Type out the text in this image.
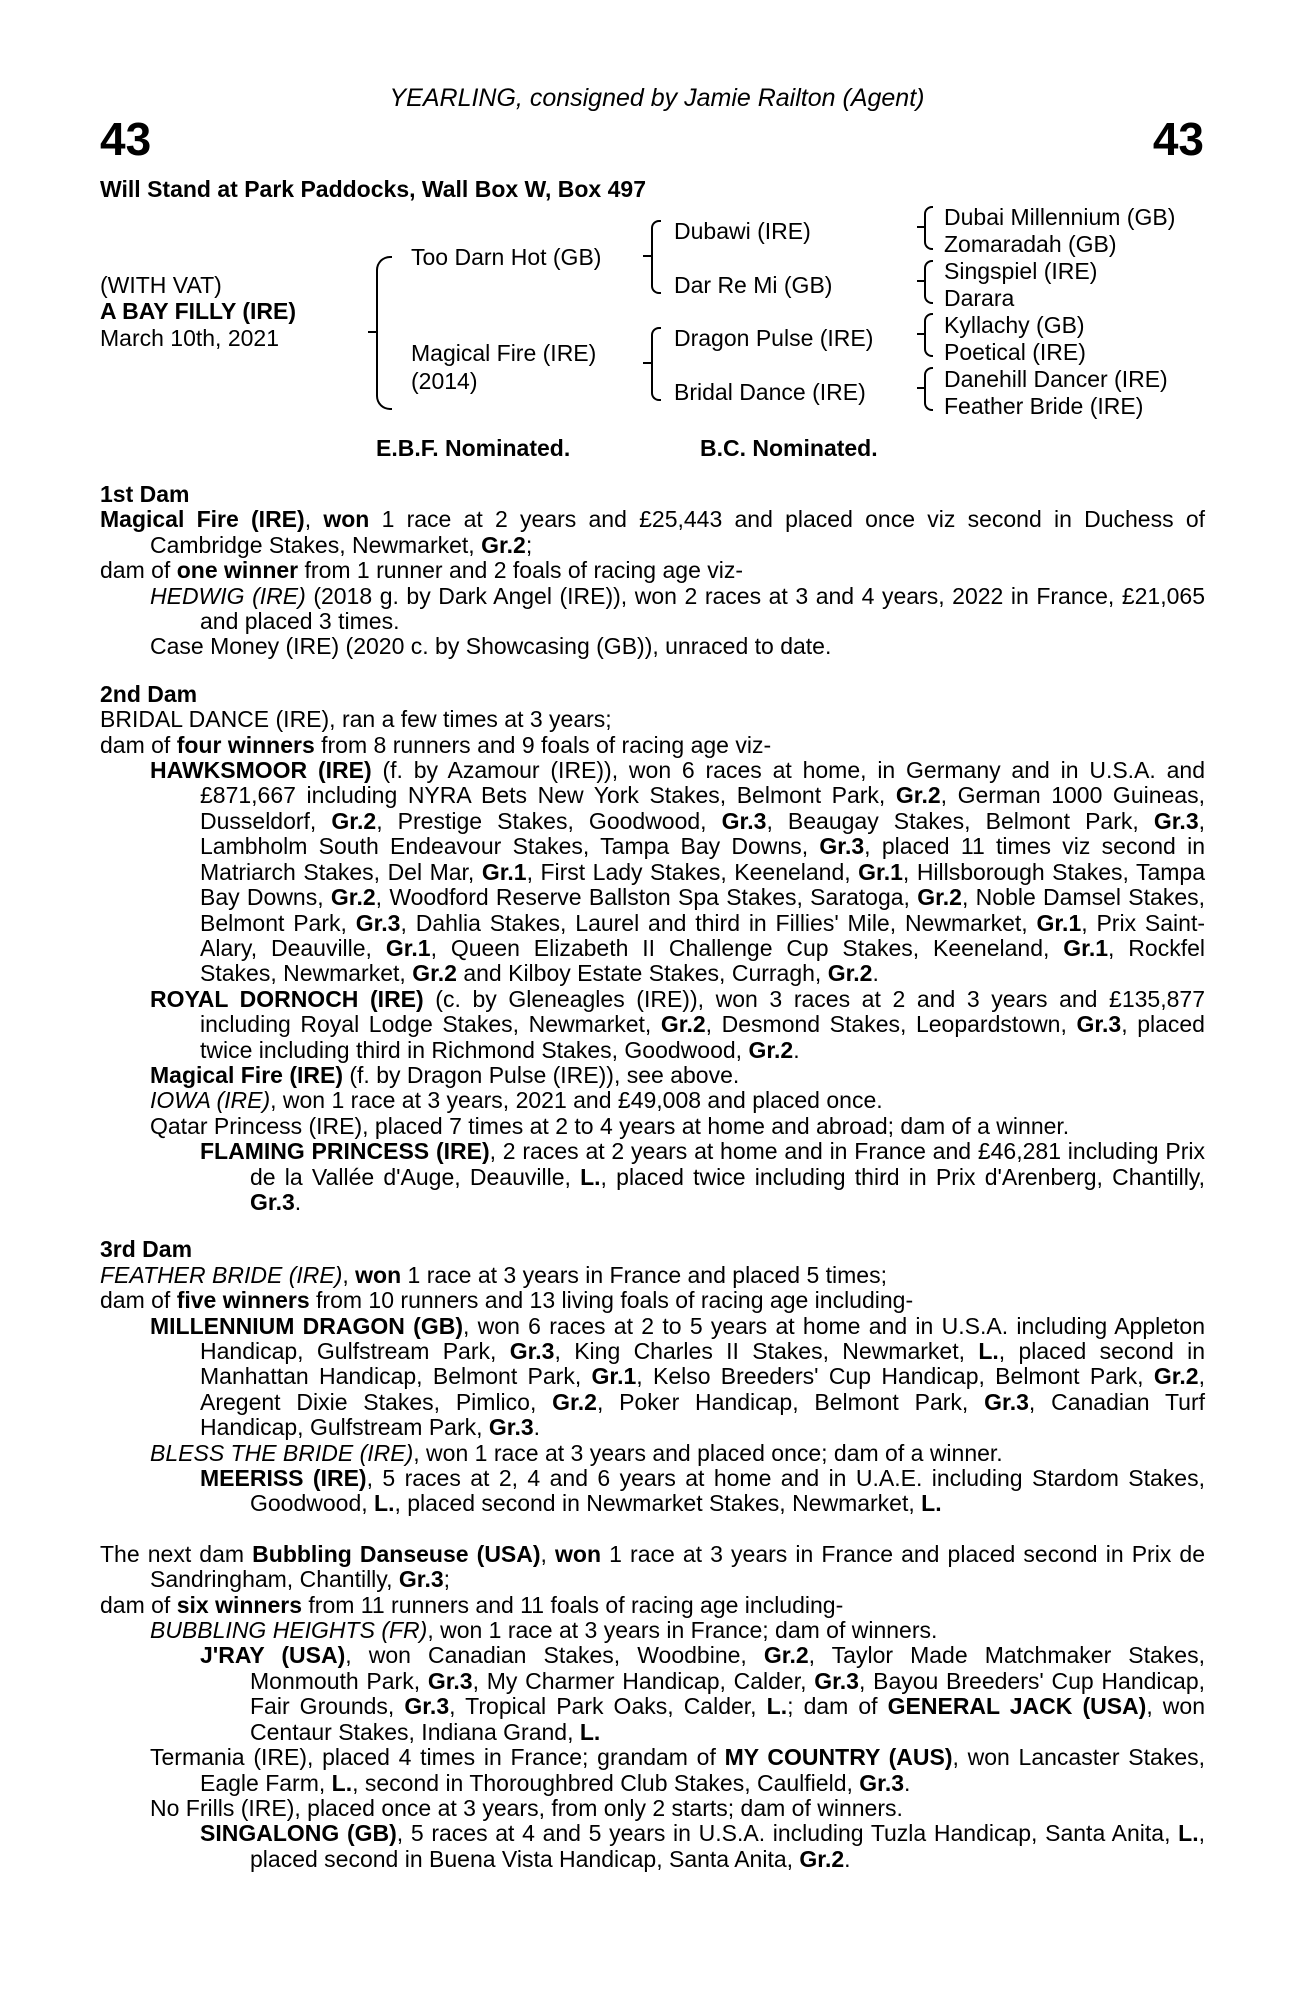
YEARLING, consigned by Jamie Railton (Agent)
43	43
Will Stand at Park Paddocks, Wall Box W, Box 497
(WITH VAT)
A BAY FILLY (IRE)
March 10th, 2021
Too Darn Hot (GB)
Magical Fire (IRE)
(2014)
Dubawi (IRE)
Dar Re Mi (GB)
Dragon Pulse (IRE)
Bridal Dance (IRE)
Dubai Millennium (GB)
Zomaradah (GB)
Singspiel (IRE)
Darara
Kyllachy (GB)
Poetical (IRE)
Danehill Dancer (IRE)
Feather Bride (IRE)
E.B.F. Nominated.	B.C. Nominated.
1st Dam

Magical Fire (IRE), won 1 race at 2 years and £25,443 and placed once viz second in Duchess of Cambridge Stakes, Newmarket, Gr.2;

dam of one winner from 1 runner and 2 foals of racing age viz-

HEDWIG (IRE) (2018 g. by Dark Angel (IRE)), won 2 races at 3 and 4 years, 2022 in France, £21,065 and placed 3 times.

Case Money (IRE) (2020 c. by Showcasing (GB)), unraced to date.

2nd Dam

BRIDAL DANCE (IRE), ran a few times at 3 years;

dam of four winners from 8 runners and 9 foals of racing age viz-

HAWKSMOOR (IRE) (f. by Azamour (IRE)), won 6 races at home, in Germany and in U.S.A. and £871,667 including NYRA Bets New York Stakes, Belmont Park, Gr.2, German 1000 Guineas, Dusseldorf, Gr.2, Prestige Stakes, Goodwood, Gr.3, Beaugay Stakes, Belmont Park, Gr.3, Lambholm South Endeavour Stakes, Tampa Bay Downs, Gr.3, placed 11 times viz second in Matriarch Stakes, Del Mar, Gr.1, First Lady Stakes, Keeneland, Gr.1, Hillsborough Stakes, Tampa Bay Downs, Gr.2, Woodford Reserve Ballston Spa Stakes, Saratoga, Gr.2, Noble Damsel Stakes, Belmont Park, Gr.3, Dahlia Stakes, Laurel and third in Fillies' Mile, Newmarket, Gr.1, Prix Saint-Alary, Deauville, Gr.1, Queen Elizabeth II Challenge Cup Stakes, Keeneland, Gr.1, Rockfel Stakes, Newmarket, Gr.2 and Kilboy Estate Stakes, Curragh, Gr.2.

ROYAL DORNOCH (IRE) (c. by Gleneagles (IRE)), won 3 races at 2 and 3 years and £135,877 including Royal Lodge Stakes, Newmarket, Gr.2, Desmond Stakes, Leopardstown, Gr.3, placed twice including third in Richmond Stakes, Goodwood, Gr.2.

Magical Fire (IRE) (f. by Dragon Pulse (IRE)), see above.

IOWA (IRE), won 1 race at 3 years, 2021 and £49,008 and placed once.

Qatar Princess (IRE), placed 7 times at 2 to 4 years at home and abroad; dam of a winner.

FLAMING PRINCESS (IRE), 2 races at 2 years at home and in France and £46,281 including Prix de la Vallée d'Auge, Deauville, L., placed twice including third in Prix d'Arenberg, Chantilly, Gr.3.

3rd Dam

FEATHER BRIDE (IRE), won 1 race at 3 years in France and placed 5 times;

dam of five winners from 10 runners and 13 living foals of racing age including-

MILLENNIUM DRAGON (GB), won 6 races at 2 to 5 years at home and in U.S.A. including Appleton Handicap, Gulfstream Park, Gr.3, King Charles II Stakes, Newmarket, L., placed second in Manhattan Handicap, Belmont Park, Gr.1, Kelso Breeders' Cup Handicap, Belmont Park, Gr.2, Aregent Dixie Stakes, Pimlico, Gr.2, Poker Handicap, Belmont Park, Gr.3, Canadian Turf Handicap, Gulfstream Park, Gr.3.

BLESS THE BRIDE (IRE), won 1 race at 3 years and placed once; dam of a winner.

MEERISS (IRE), 5 races at 2, 4 and 6 years at home and in U.A.E. including Stardom Stakes, Goodwood, L., placed second in Newmarket Stakes, Newmarket, L.

The next dam Bubbling Danseuse (USA), won 1 race at 3 years in France and placed second in Prix de Sandringham, Chantilly, Gr.3;

dam of six winners from 11 runners and 11 foals of racing age including-

BUBBLING HEIGHTS (FR), won 1 race at 3 years in France; dam of winners.

J'RAY (USA), won Canadian Stakes, Woodbine, Gr.2, Taylor Made Matchmaker Stakes, Monmouth Park, Gr.3, My Charmer Handicap, Calder, Gr.3, Bayou Breeders' Cup Handicap, Fair Grounds, Gr.3, Tropical Park Oaks, Calder, L.; dam of GENERAL JACK (USA), won Centaur Stakes, Indiana Grand, L.

Termania (IRE), placed 4 times in France; grandam of MY COUNTRY (AUS), won Lancaster Stakes, Eagle Farm, L., second in Thoroughbred Club Stakes, Caulfield, Gr.3.

No Frills (IRE), placed once at 3 years, from only 2 starts; dam of winners.

SINGALONG (GB), 5 races at 4 and 5 years in U.S.A. including Tuzla Handicap, Santa Anita, L., placed second in Buena Vista Handicap, Santa Anita, Gr.2.
